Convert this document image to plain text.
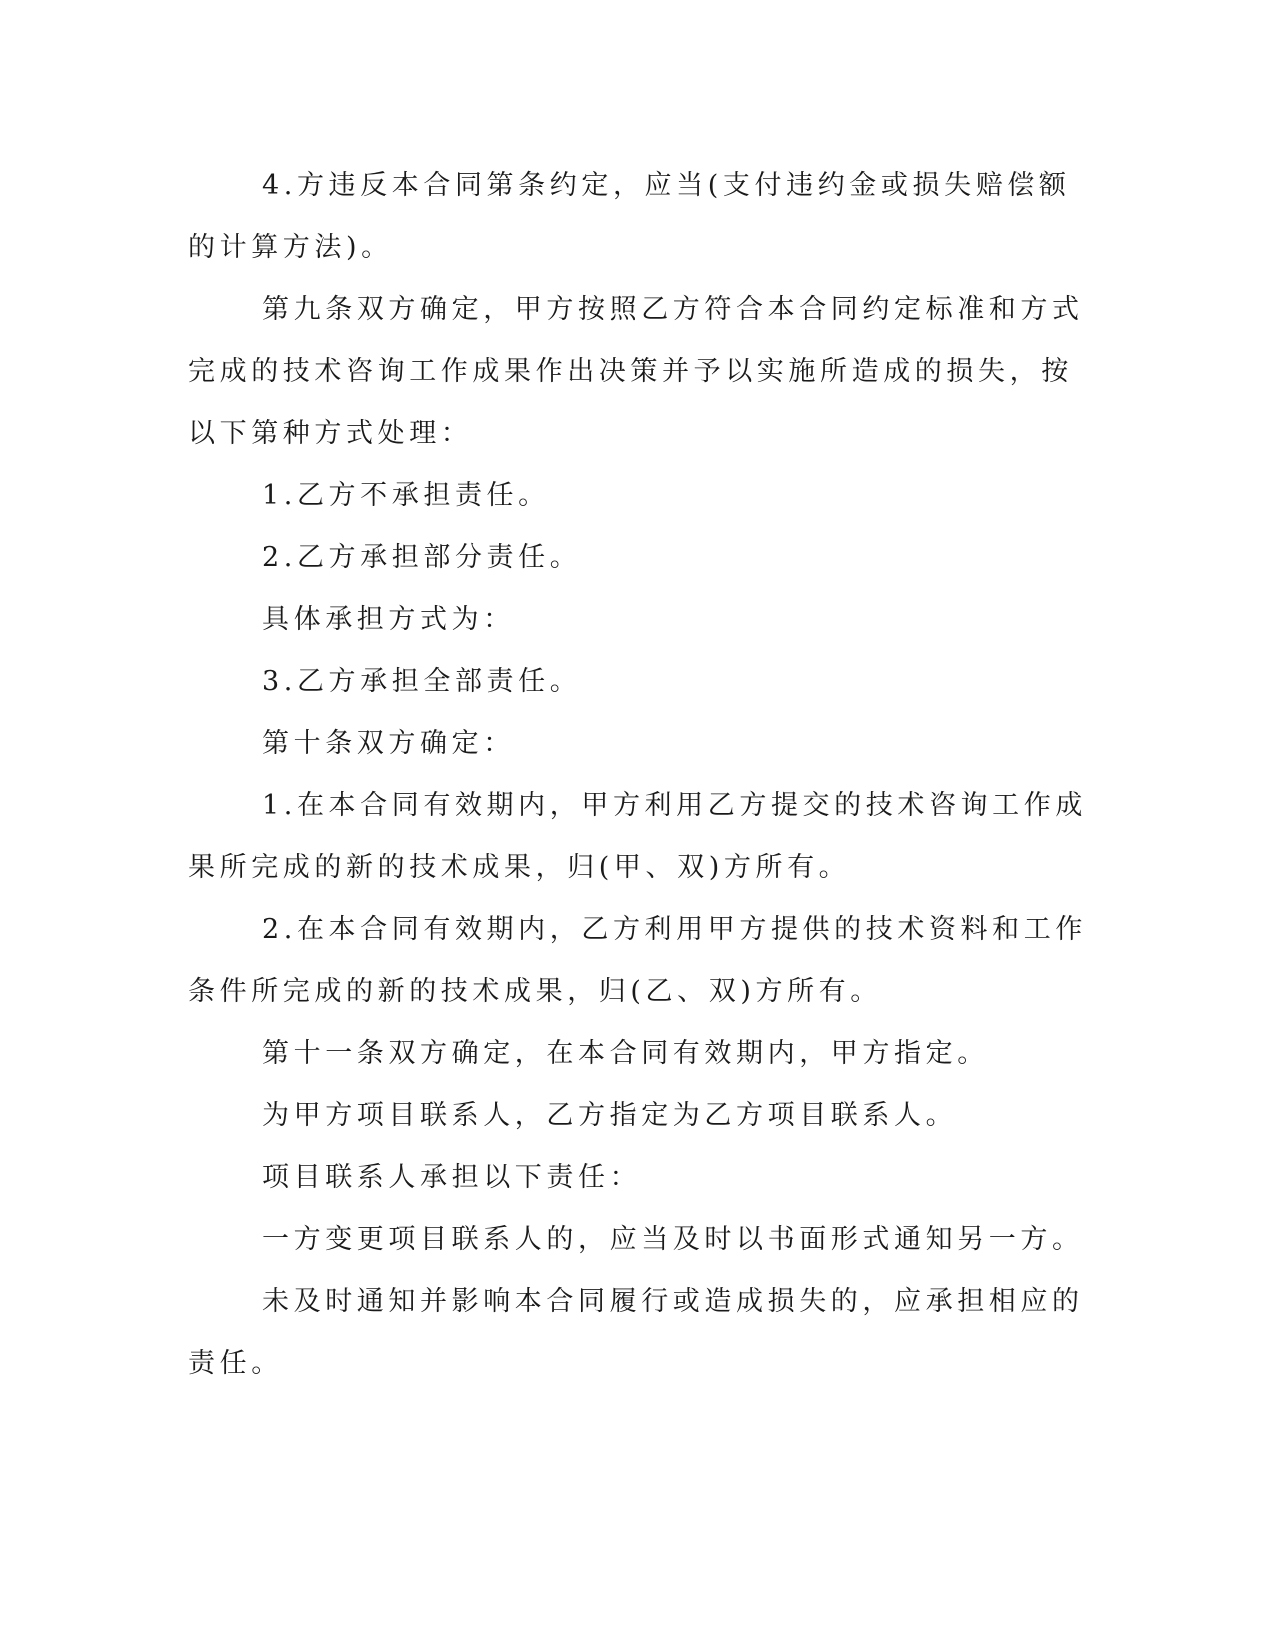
4.方违反本合同第条约定，应当(支付违约金或损失赔偿额的计算方法)。

第九条双方确定，甲方按照乙方符合本合同约定标准和方式完成的技术咨询工作成果作出决策并予以实施所造成的损失，按以下第种方式处理：

1.乙方不承担责任。

2.乙方承担部分责任。

具体承担方式为：

3.乙方承担全部责任。

第十条双方确定：

1.在本合同有效期内，甲方利用乙方提交的技术咨询工作成果所完成的新的技术成果，归(甲、双)方所有。

2.在本合同有效期内，乙方利用甲方提供的技术资料和工作条件所完成的新的技术成果，归(乙、双)方所有。

第十一条双方确定，在本合同有效期内，甲方指定。

为甲方项目联系人，乙方指定为乙方项目联系人。

项目联系人承担以下责任：

一方变更项目联系人的，应当及时以书面形式通知另一方。

未及时通知并影响本合同履行或造成损失的，应承担相应的责任。
